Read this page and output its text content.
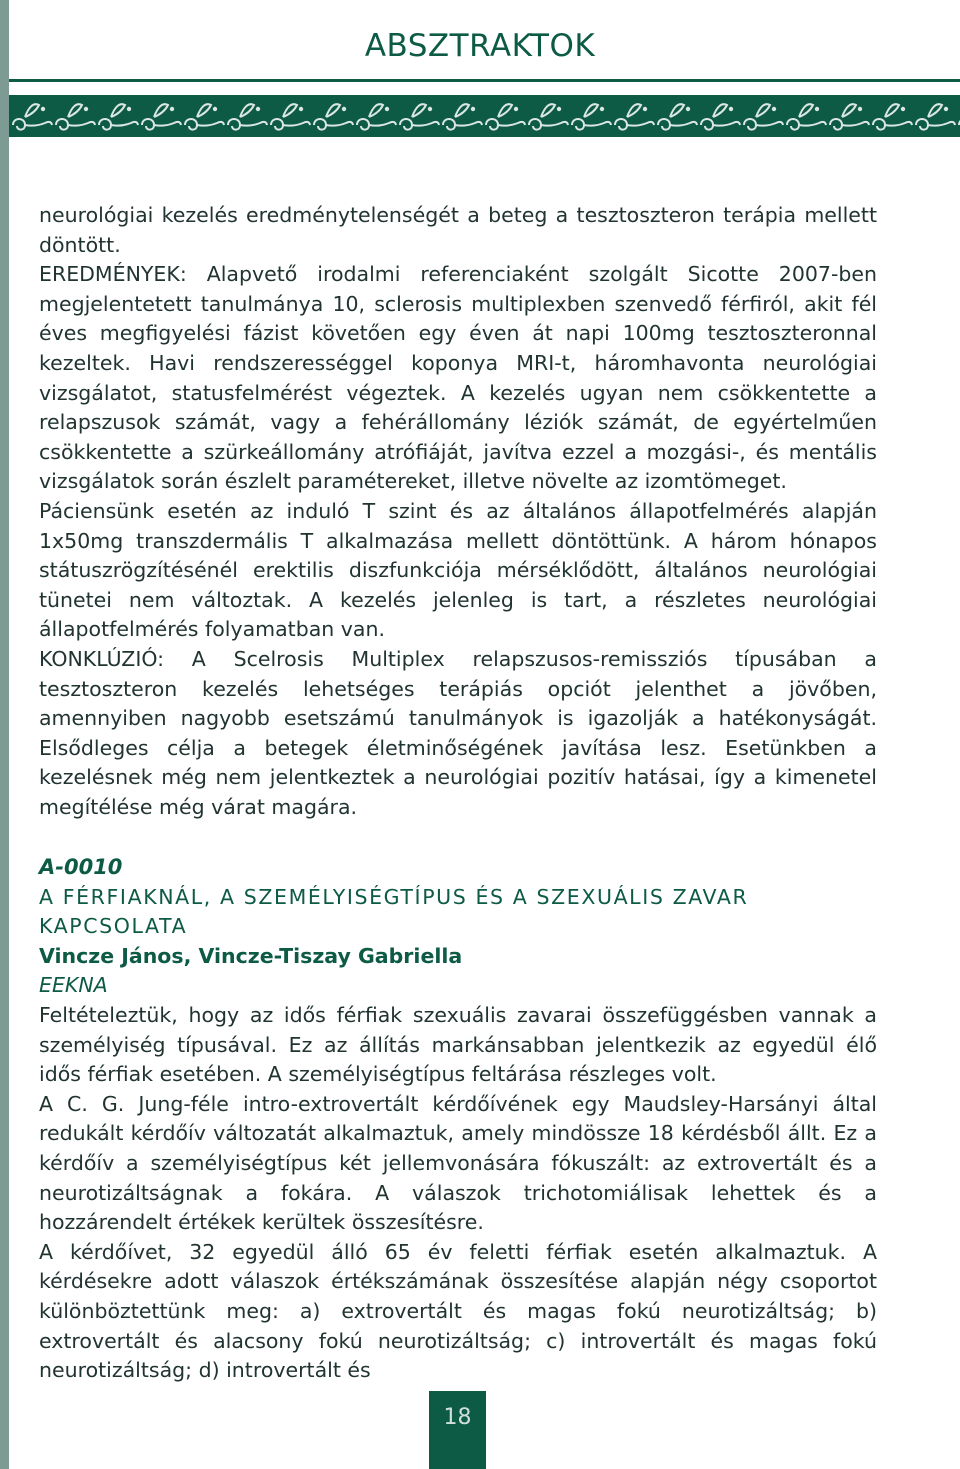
ABSZTRAKTOK

neurológiai kezelés eredménytelenségét a beteg a tesztoszteron terápia mellett döntött.

EREDMÉNYEK: Alapvető irodalmi referenciaként szolgált Sicotte 2007-ben megjelentetett tanulmánya 10, sclerosis multiplexben szenvedő férfiról, akit fél éves megfigyelési fázist követően egy éven át napi 100mg tesztoszteronnal kezeltek. Havi rendszerességgel koponya MRI-t, háromhavonta neurológiai vizsgálatot, statusfelmérést végeztek. A kezelés ugyan nem csökkentette a relapszusok számát, vagy a fehérállomány léziók számát, de egyértelműen csökkentette a szürkeállomány atrófiáját, javítva ezzel a mozgási-, és mentális vizsgálatok során észlelt paramétereket, illetve növelte az izomtömeget.

Páciensünk esetén az induló T szint és az általános állapotfelmérés alapján 1x50mg transzdermális T alkalmazása mellett döntöttünk. A három hónapos státuszrögzítésénél erektilis diszfunkciója mérséklődött, általános neurológiai tünetei nem változtak. A kezelés jelenleg is tart, a részletes neurológiai állapotfelmérés folyamatban van.

KONKLÚZIÓ: A Scelrosis Multiplex relapszusos-remissziós típusában a tesztoszteron kezelés lehetséges terápiás opciót jelenthet a jövőben, amennyiben nagyobb esetszámú tanulmányok is igazolják a hatékonyságát. Elsődleges célja a betegek életminőségének javítása lesz. Esetünkben a kezelésnek még nem jelentkeztek a neurológiai pozitív hatásai, így a kimenetel megítélése még várat magára.

A-0010
A FÉRFIAKNÁL, A SZEMÉLYISÉGTÍPUS ÉS A SZEXUÁLIS ZAVAR KAPCSOLATA
Vincze János, Vincze-Tiszay Gabriella
EEKNA

Feltételeztük, hogy az idős férfiak szexuális zavarai összefüggésben vannak a személyiség típusával. Ez az állítás markánsabban jelentkezik az egyedül élő idős férfiak esetében. A személyiségtípus feltárása részleges volt.

A C. G. Jung-féle intro-extrovertált kérdőívének egy Maudsley-Harsányi által redukált kérdőív változatát alkalmaztuk, amely mindössze 18 kérdésből állt. Ez a kérdőív a személyiségtípus két jellemvonására fókuszált: az extrovertált és a neurotizáltságnak a fokára. A válaszok trichotomiálisak lehettek és a hozzárendelt értékek kerültek összesítésre.

A kérdőívet, 32 egyedül álló 65 év feletti férfiak esetén alkalmaztuk. A kérdésekre adott válaszok értékszámának összesítése alapján négy csoportot különböztettünk meg: a) extrovertált és magas fokú neurotizáltság; b) extrovertált és alacsony fokú neurotizáltság; c) introvertált és magas fokú neurotizáltság; d) introvertált és

18
